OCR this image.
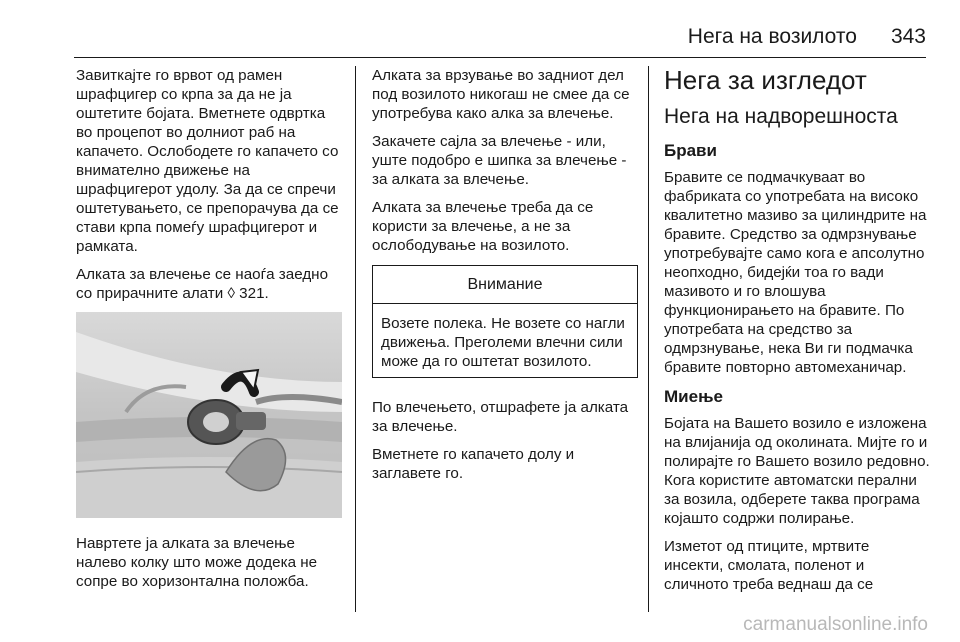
Нега на возилото 343

Завиткајте го врвот од рамен шрафцигер со крпа за да не ја оштетите бојата. Вметнете одвртка во процепот во долниот раб на капачето. Ослободете го капачето со внимателно движење на шрафцигерот удолу. За да се спречи оштетувањето, се препорачува да се стави крпа помеѓу шрафцигерот и рамката.

Алката за влечење се наоѓа заедно со прирачните алати ◊ 321.

Навртете ја алката за влечење налево колку што може додека не сопре во хоризонтална положба.

Алката за врзување во задниот дел под возилото никогаш не смее да се употребува како алка за влечење.

Закачете сајла за влечење - или, уште подобро е шипка за влечење - за алката за влечење.

Алката за влечење треба да се користи за влечење, а не за ослободување на возилото.

Внимание

Возете полека. Не возете со нагли движења. Преголеми влечни сили може да го оштетат возилото.

По влечењето, отшрафете ја алката за влечење.

Вметнете го капачето долу и заглавете го.

Нега за изгледот
Нега на надворешноста
Брави

Бравите се подмачкуваат во фабриката со употребата на високо квалитетно мазиво за цилиндрите на бравите. Средство за одмрзнување употребувајте само кога е апсолутно неопходно, бидејќи тоа го вади мазивото и го влошува функционирањето на бравите. По употребата на средство за одмрзнување, нека Ви ги подмачка бравите повторно автомеханичар.

Миење

Бојата на Вашето возило е изложена на влијанија од околината. Мијте го и полирајте го Вашето возило редовно. Кога користите автоматски перални за возила, одберете таква програма којашто содржи полирање.

Изметот од птиците, мртвите инсекти, смолата, поленот и сличното треба веднаш да се

carmanualsonline.info
